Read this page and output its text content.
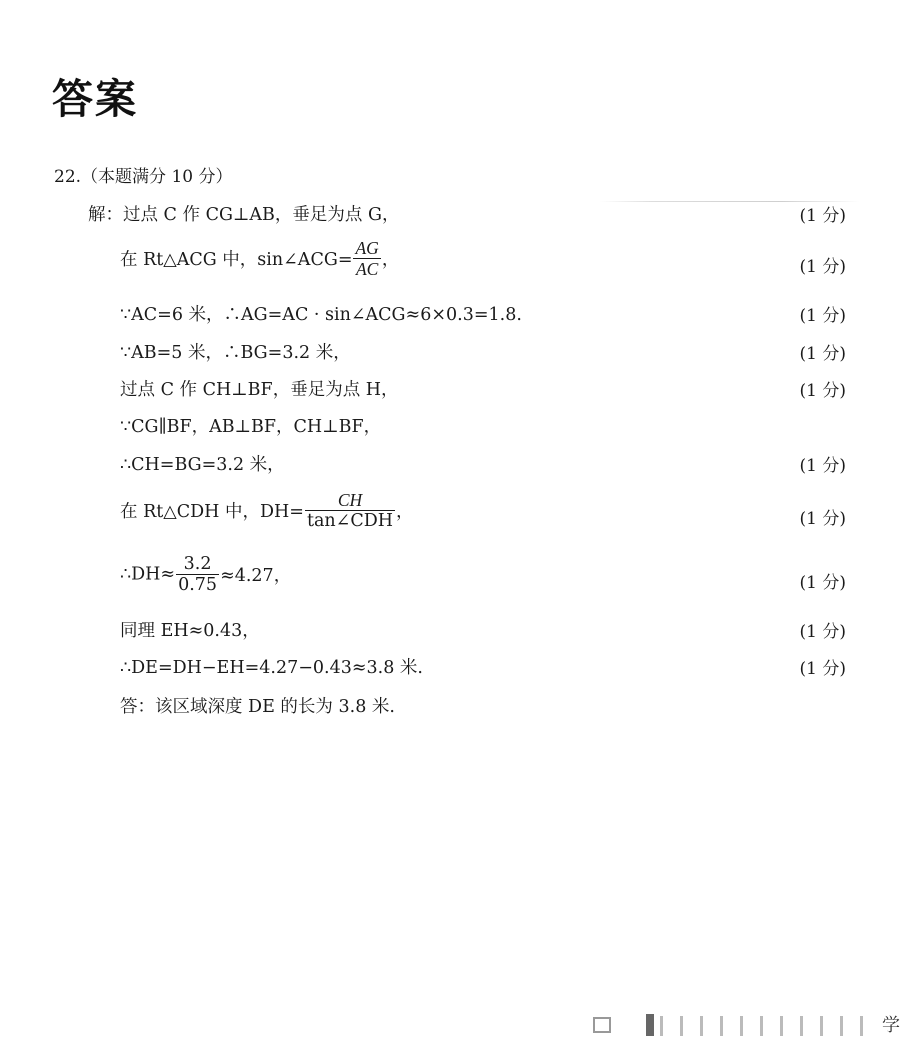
答案
22.（本题满分 10 分）
解：过点 C 作 CG⊥AB，垂足为点 G，	(1 分)
在 Rt△ACG 中，sin∠ACG= $\frac{AG}{AC}$ ，	(1 分)
∵AC=6 米，∴AG=AC · sin∠ACG≈6×0.3=1.8.	(1 分)
∵AB=5 米，∴BG=3.2 米，	(1 分)
过点 C 作 CH⊥BF，垂足为点 H，	(1 分)
∵CG∥BF，AB⊥BF，CH⊥BF，
∴CH=BG=3.2 米，	(1 分)
在 Rt△CDH 中，$DH= \frac{CH}{\text{tan∠CDH}}$ ，	(1 分)
∴DH≈ $\frac{3.2}{0.75} \approx 4.27$，	(1 分)
同理 EH≈0.43，	(1 分)
∴DE=DH−EH=4.27−0.43≈3.8 米.	(1 分)
答：该区域深度 DE 的长为 3.8 米.
学
